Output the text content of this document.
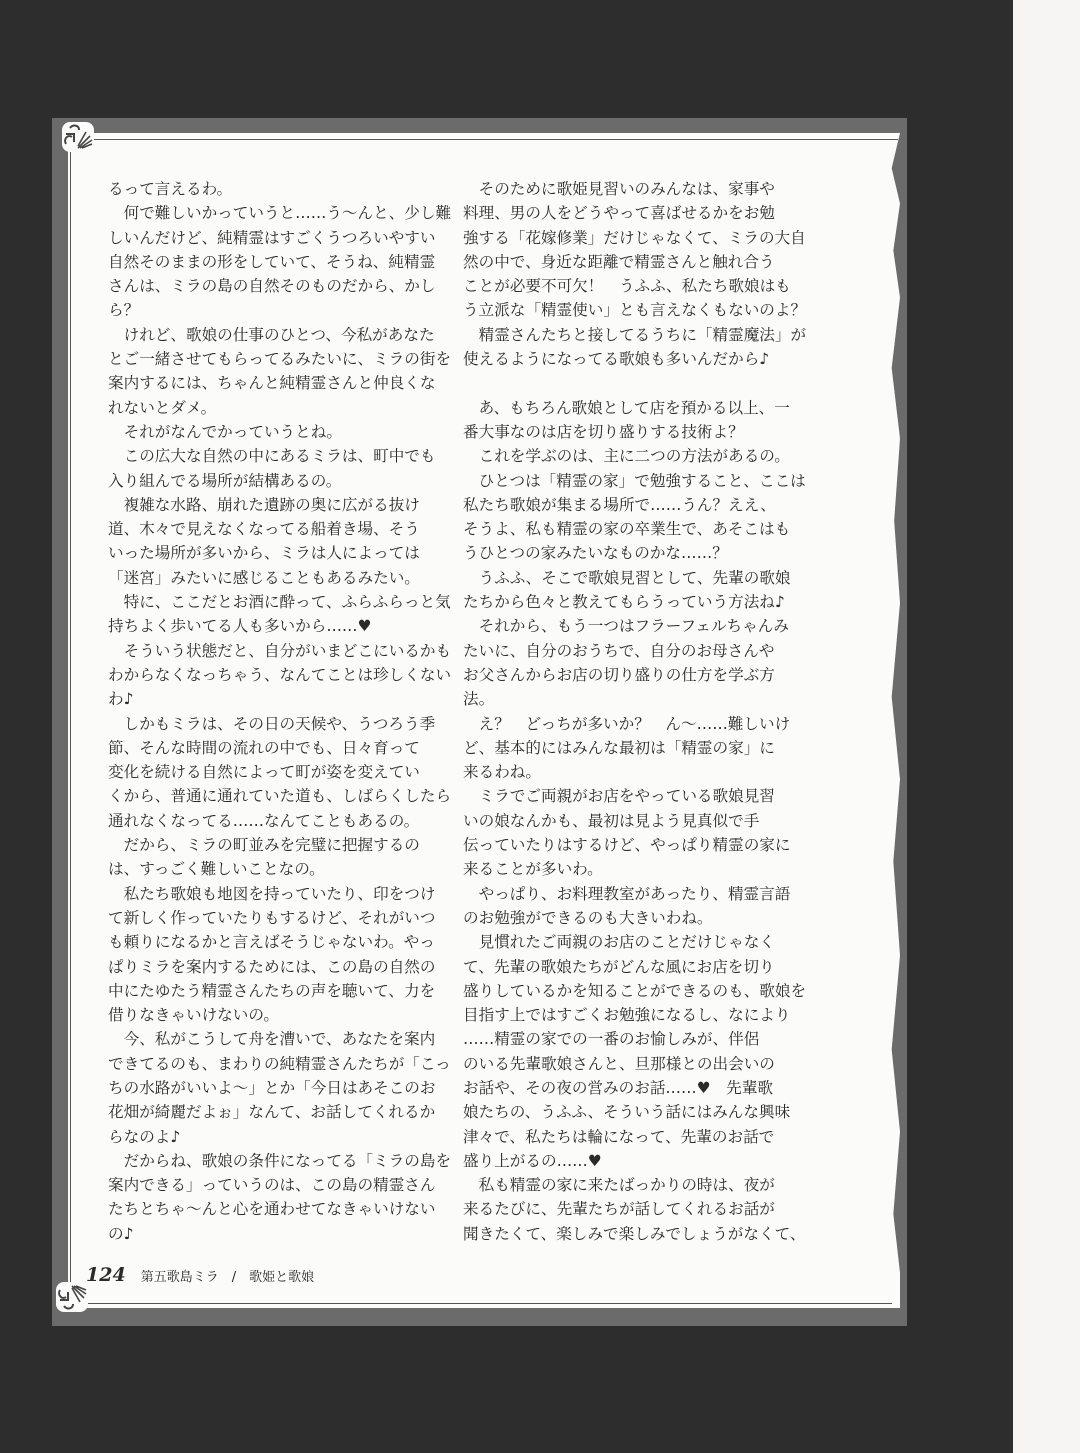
るって言えるわ。
　何で難しいかっていうと……う〜んと、少し難
しいんだけど、純精霊はすごくうつろいやすい
自然そのままの形をしていて、そうね、純精霊
さんは、ミラの島の自然そのものだから、かし
ら？
　けれど、歌娘の仕事のひとつ、今私があなた
とご一緒させてもらってるみたいに、ミラの街を
案内するには、ちゃんと純精霊さんと仲良くな
れないとダメ。
　それがなんでかっていうとね。
　この広大な自然の中にあるミラは、町中でも
入り組んでる場所が結構あるの。
　複雑な水路、崩れた遺跡の奥に広がる抜け
道、木々で見えなくなってる船着き場、そう
いった場所が多いから、ミラは人によっては
「迷宮」みたいに感じることもあるみたい。
　特に、ここだとお酒に酔って、ふらふらっと気
持ちよく歩いてる人も多いから……♥
　そういう状態だと、自分がいまどこにいるかも
わからなくなっちゃう、なんてことは珍しくない
わ♪
　しかもミラは、その日の天候や、うつろう季
節、そんな時間の流れの中でも、日々育って
変化を続ける自然によって町が姿を変えてい
くから、普通に通れていた道も、しばらくしたら
通れなくなってる……なんてこともあるの。
　だから、ミラの町並みを完璧に把握するの
は、すっごく難しいことなの。
　私たち歌娘も地図を持っていたり、印をつけ
て新しく作っていたりもするけど、それがいつ
も頼りになるかと言えばそうじゃないわ。やっ
ぱりミラを案内するためには、この島の自然の
中にたゆたう精霊さんたちの声を聴いて、力を
借りなきゃいけないの。
　今、私がこうして舟を漕いで、あなたを案内
できてるのも、まわりの純精霊さんたちが「こっ
ちの水路がいいよ〜」とか「今日はあそこのお
花畑が綺麗だよぉ」なんて、お話してくれるか
らなのよ♪
　だからね、歌娘の条件になってる「ミラの島を
案内できる」っていうのは、この島の精霊さん
たちとちゃ〜んと心を通わせてなきゃいけない
の♪
　そのために歌姫見習いのみんなは、家事や
料理、男の人をどうやって喜ばせるかをお勉
強する「花嫁修業」だけじゃなくて、ミラの大自
然の中で、身近な距離で精霊さんと触れ合う
ことが必要不可欠！　うふふ、私たち歌娘はも
う立派な「精霊使い」とも言えなくもないのよ？
　精霊さんたちと接してるうちに「精霊魔法」が
使えるようになってる歌娘も多いんだから♪
　あ、もちろん歌娘として店を預かる以上、一
番大事なのは店を切り盛りする技術よ？
　これを学ぶのは、主に二つの方法があるの。
　ひとつは「精霊の家」で勉強すること、ここは
私たち歌娘が集まる場所で……うん？ええ、
そうよ、私も精霊の家の卒業生で、あそこはも
うひとつの家みたいなものかな……？
　うふふ、そこで歌娘見習として、先輩の歌娘
たちから色々と教えてもらうっていう方法ね♪
　それから、もう一つはフラーフェルちゃんみ
たいに、自分のおうちで、自分のお母さんや
お父さんからお店の切り盛りの仕方を学ぶ方
法。
　え？　どっちが多いか？　ん〜……難しいけ
ど、基本的にはみんな最初は「精霊の家」に
来るわね。
　ミラでご両親がお店をやっている歌娘見習
いの娘なんかも、最初は見よう見真似で手
伝っていたりはするけど、やっぱり精霊の家に
来ることが多いわ。
　やっぱり、お料理教室があったり、精霊言語
のお勉強ができるのも大きいわね。
　見慣れたご両親のお店のことだけじゃなく
て、先輩の歌娘たちがどんな風にお店を切り
盛りしているかを知ることができるのも、歌娘を
目指す上ではすごくお勉強になるし、なにより
……精霊の家での一番のお愉しみが、伴侶
のいる先輩歌娘さんと、旦那様との出会いの
お話や、その夜の営みのお話……♥　先輩歌
娘たちの、うふふ、そういう話にはみんな興味
津々で、私たちは輪になって、先輩のお話で
盛り上がるの……♥
　私も精霊の家に来たばっかりの時は、夜が
来るたびに、先輩たちが話してくれるお話が
聞きたくて、楽しみで楽しみでしょうがなくて、
124 第五歌島ミラ　/　歌姫と歌娘
